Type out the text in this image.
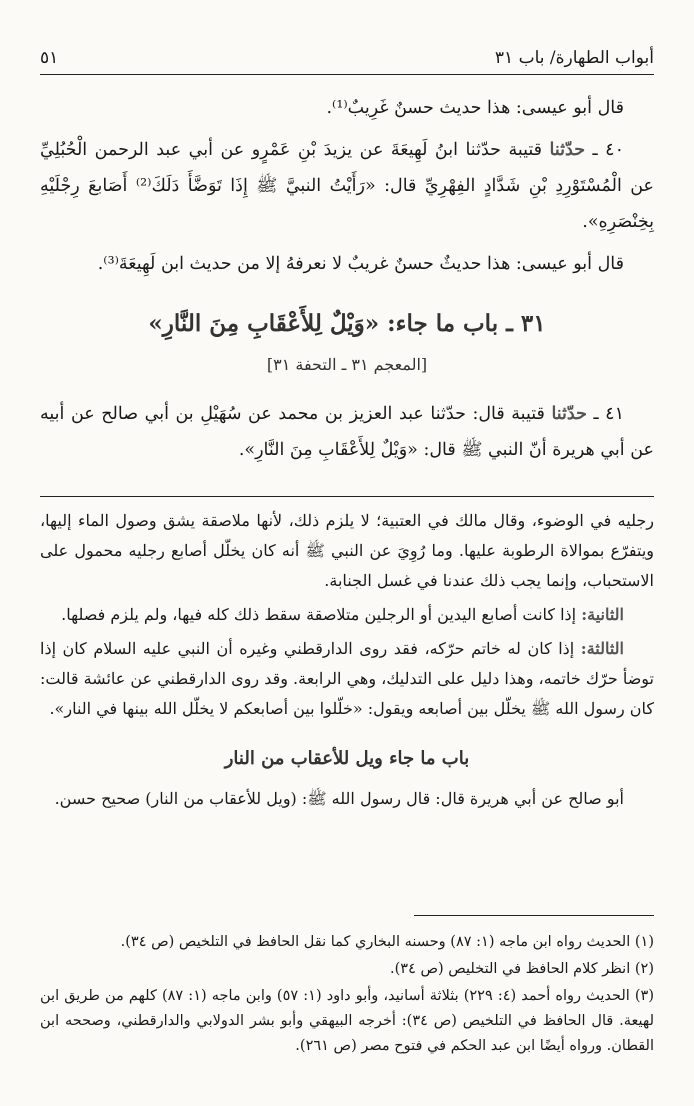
أبواب الطهارة/ باب ٣١
٥١

قال أبو عيسى: هذا حديث حسنٌ غَرِيبٌ⁽¹⁾.

٤٠ ـ حدّثنا قتيبة حدّثنا ابنُ لَهِيعَةَ عن يزيدَ بْنِ عَمْرٍو عن أبي عبد الرحمن الْحُبُلِيِّ عن الْمُسْتَوْرِدِ بْنِ شَدَّادٍ الفِهْرِيِّ قال: «رَأَيْتُ النبيَّ ﷺ إِذَا تَوَضَّأَ دَلَكَ⁽²⁾ أَصَابعَ رِجْلَيْهِ بِخِنْصَرِهِ».

قال أبو عيسى: هذا حديثٌ حسنٌ غريبٌ لا نعرفهُ إلا من حديث ابن لَهِيعَةَ⁽³⁾.

٣١ ـ باب ما جاء: «وَيْلٌ لِلأَعْقَابِ مِنَ النَّارِ»
[المعجم ٣١ ـ التحفة ٣١]

٤١ ـ حدّثنا قتيبة قال: حدّثنا عبد العزيز بن محمد عن سُهَيْلِ بن أبي صالح عن أبيه عن أبي هريرة أنّ النبي ﷺ قال: «وَيْلٌ لِلأَعْقَابِ مِنَ النَّارِ».

رجليه في الوضوء، وقال مالك في العتبية؛ لا يلزم ذلك، لأنها ملاصقة يشق وصول الماء إليها، ويتفرّع بموالاة الرطوبة عليها. وما رُوِيَ عن النبي ﷺ أنه كان يخلّل أصابع رجليه محمول على الاستحباب، وإنما يجب ذلك عندنا في غسل الجنابة.

الثانية: إذا كانت أصابع اليدين أو الرجلين متلاصقة سقط ذلك كله فيها، ولم يلزم فصلها.

الثالثة: إذا كان له خاتم حرّكه، فقد روى الدارقطني وغيره أن النبي عليه السلام كان إذا توضأ حرّك خاتمه، وهذا دليل على التدليك، وهي الرابعة. وقد روى الدارقطني عن عائشة قالت: كان رسول الله ﷺ يخلّل بين أصابعه ويقول: «خلّلوا بين أصابعكم لا يخلّل الله بينها في النار».

باب ما جاء ويل للأعقاب من النار

أبو صالح عن أبي هريرة قال: قال رسول الله ﷺ: (ويل للأعقاب من النار) صحيح حسن.

(١) الحديث رواه ابن ماجه (١: ٨٧) وحسنه البخاري كما نقل الحافظ في التلخيص (ص ٣٤).

(٢) انظر كلام الحافظ في التخليص (ص ٣٤).

(٣) الحديث رواه أحمد (٤: ٢٢٩) بثلاثة أسانيد، وأبو داود (١: ٥٧) وابن ماجه (١: ٨٧) كلهم من طريق ابن لهيعة. قال الحافظ في التلخيص (ص ٣٤): أخرجه البيهقي وأبو بشر الدولابي والدارقطني، وصححه ابن القطان. ورواه أيضًا ابن عبد الحكم في فتوح مصر (ص ٢٦١).
